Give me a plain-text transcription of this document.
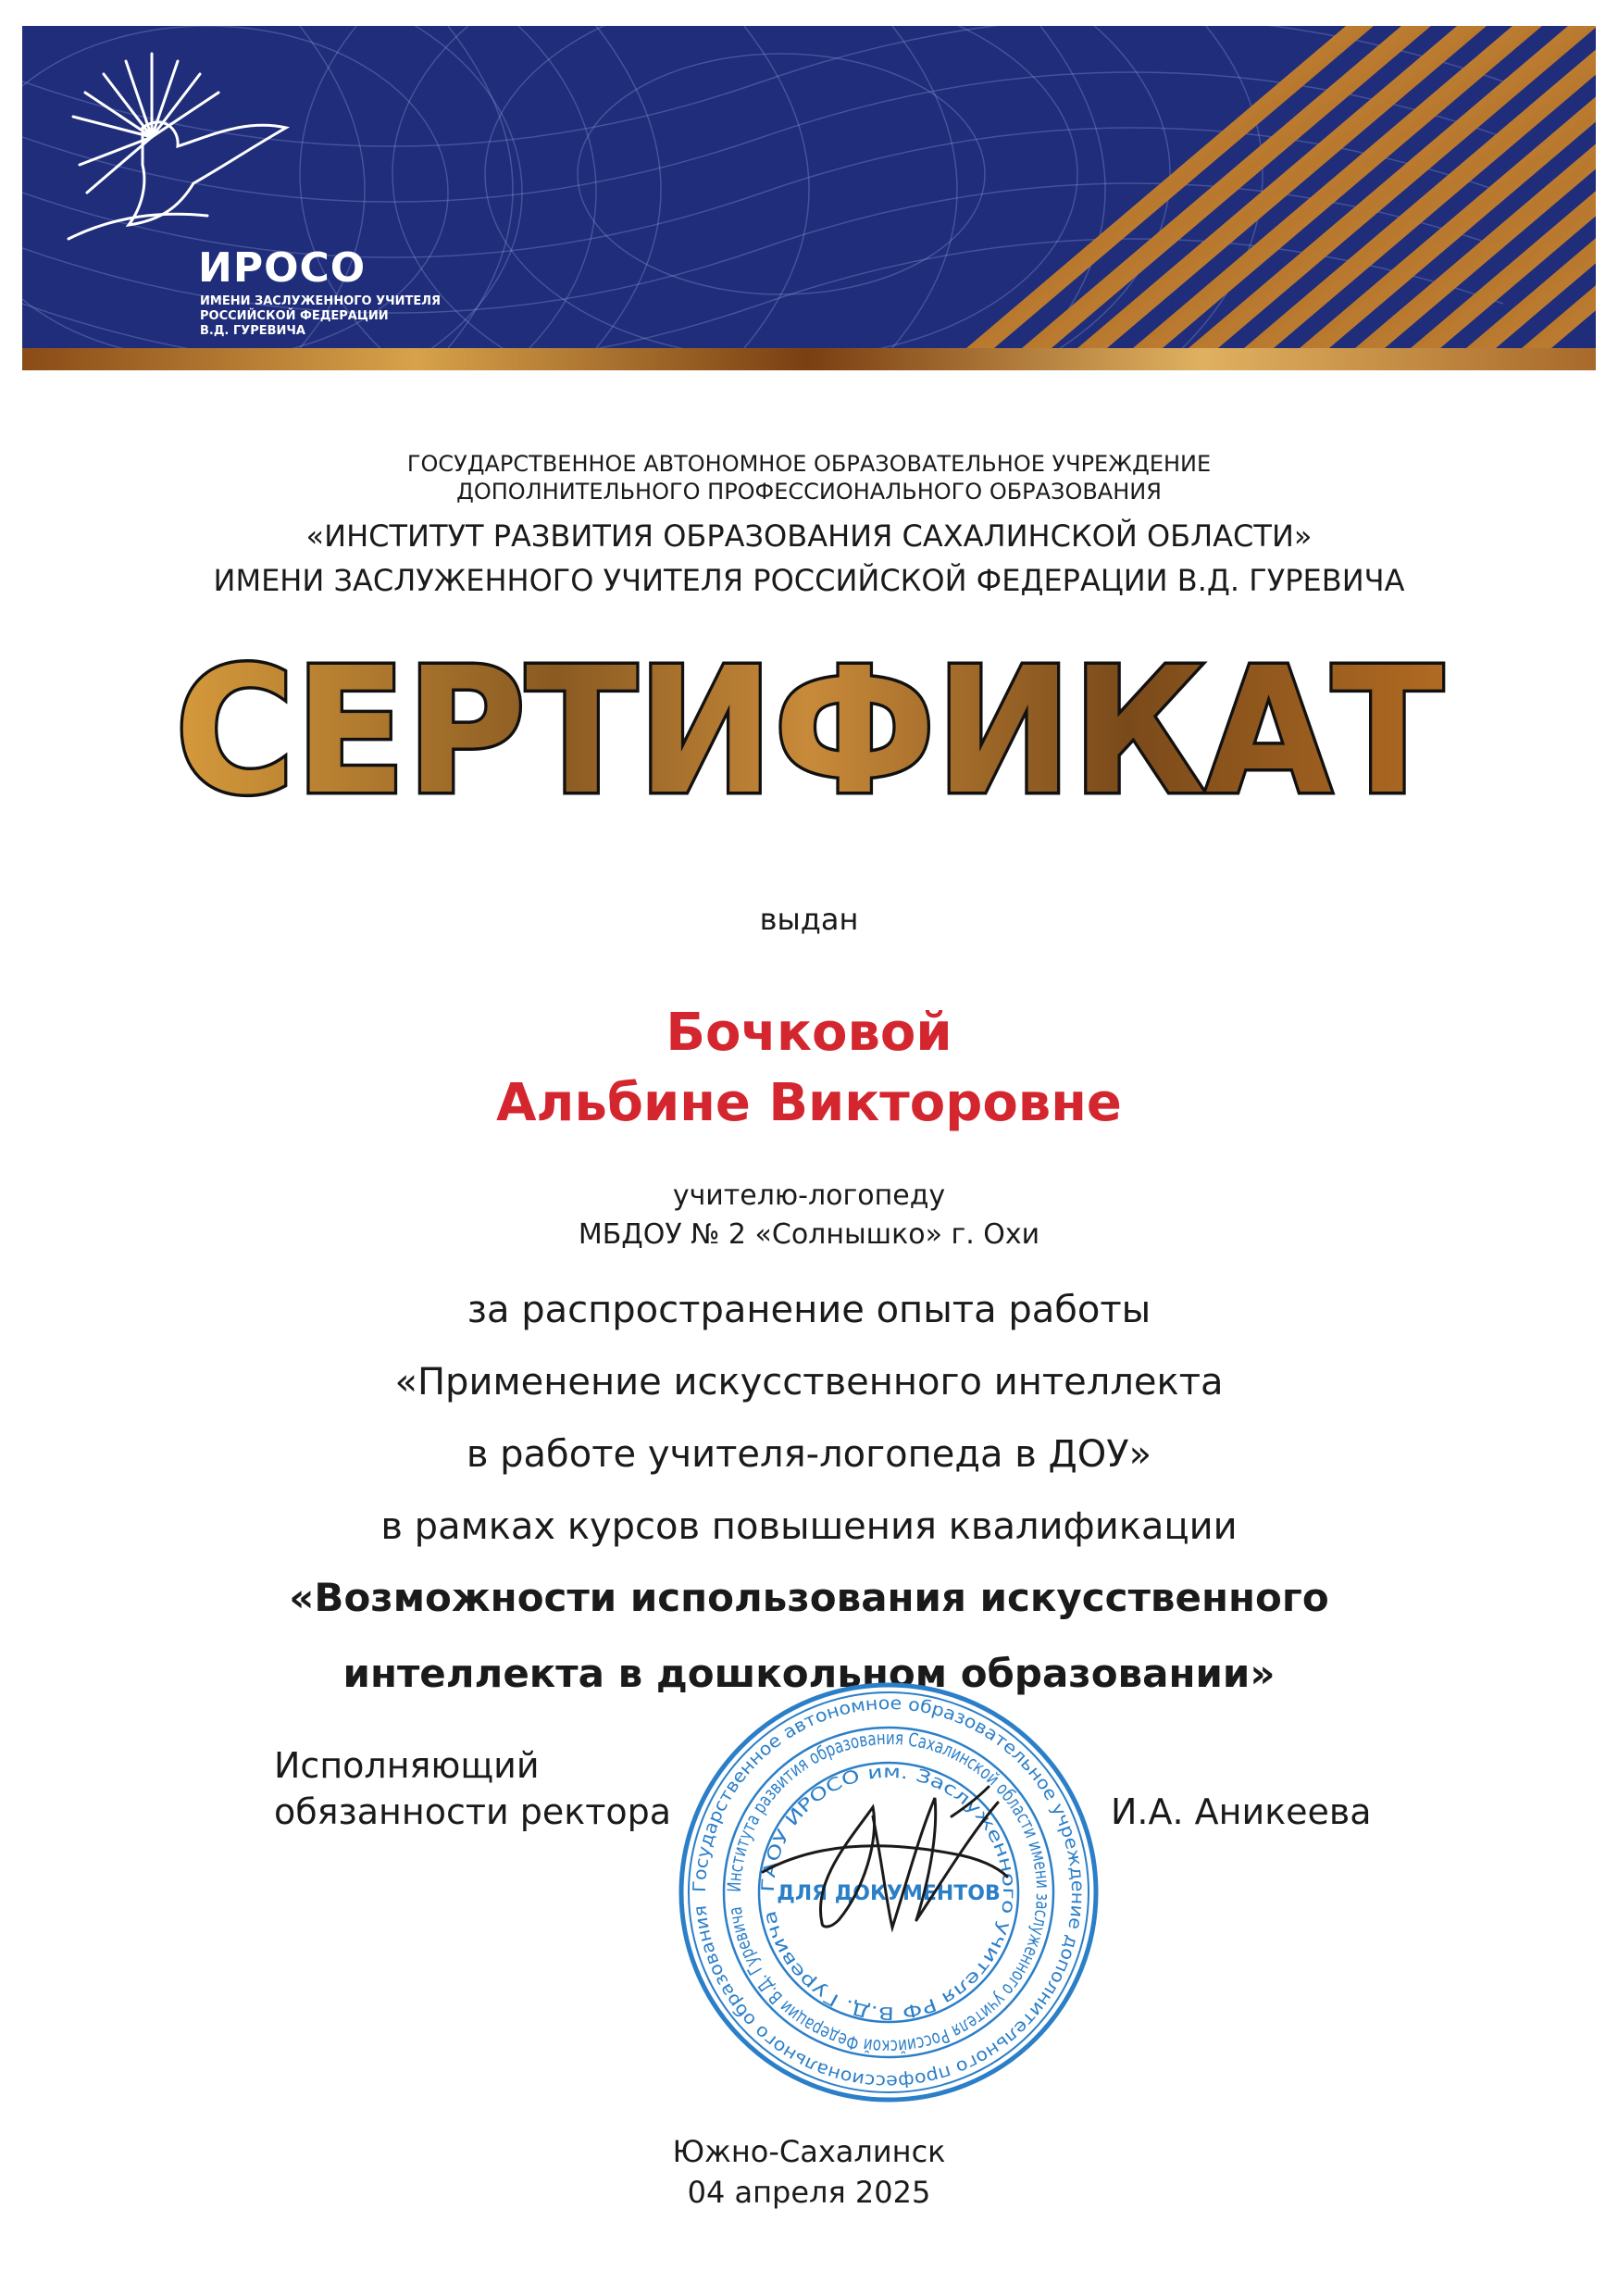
ИРОСО
ИМЕНИ ЗАСЛУЖЕННОГО УЧИТЕЛЯ
РОССИЙСКОЙ ФЕДЕРАЦИИ
В.Д. ГУРЕВИЧА
ГОСУДАРСТВЕННОЕ АВТОНОМНОЕ ОБРАЗОВАТЕЛЬНОЕ УЧРЕЖДЕНИЕ
ДОПОЛНИТЕЛЬНОГО ПРОФЕССИОНАЛЬНОГО ОБРАЗОВАНИЯ
«ИНСТИТУТ РАЗВИТИЯ ОБРАЗОВАНИЯ САХАЛИНСКОЙ ОБЛАСТИ»
ИМЕНИ ЗАСЛУЖЕННОГО УЧИТЕЛЯ РОССИЙСКОЙ ФЕДЕРАЦИИ В.Д. ГУРЕВИЧА
СЕРТИФИКАТ
выдан
Бочковой
Альбине Викторовне
учителю-логопеду
МБДОУ № 2 «Солнышко» г. Охи
за распространение опыта работы
«Применение искусственного интеллекта
в работе учителя-логопеда в ДОУ»
в рамках курсов повышения квалификации
«Возможности использования искусственного
интеллекта в дошкольном образовании»
Государственное автономное образовательное учреждение дополнительного профессионального образования
Института развития образования Сахалинской области имени заслуженного учителя Российской Федерации В.Д. Гуревича
ГАОУ ИРОСО им. Заслуженного учителя РФ В.Д. Гуревича
ДЛЯ ДОКУМЕНТОВ
Исполняющий
обязанности ректора	И.А. Аникеева
Южно-Сахалинск
04 апреля 2025
